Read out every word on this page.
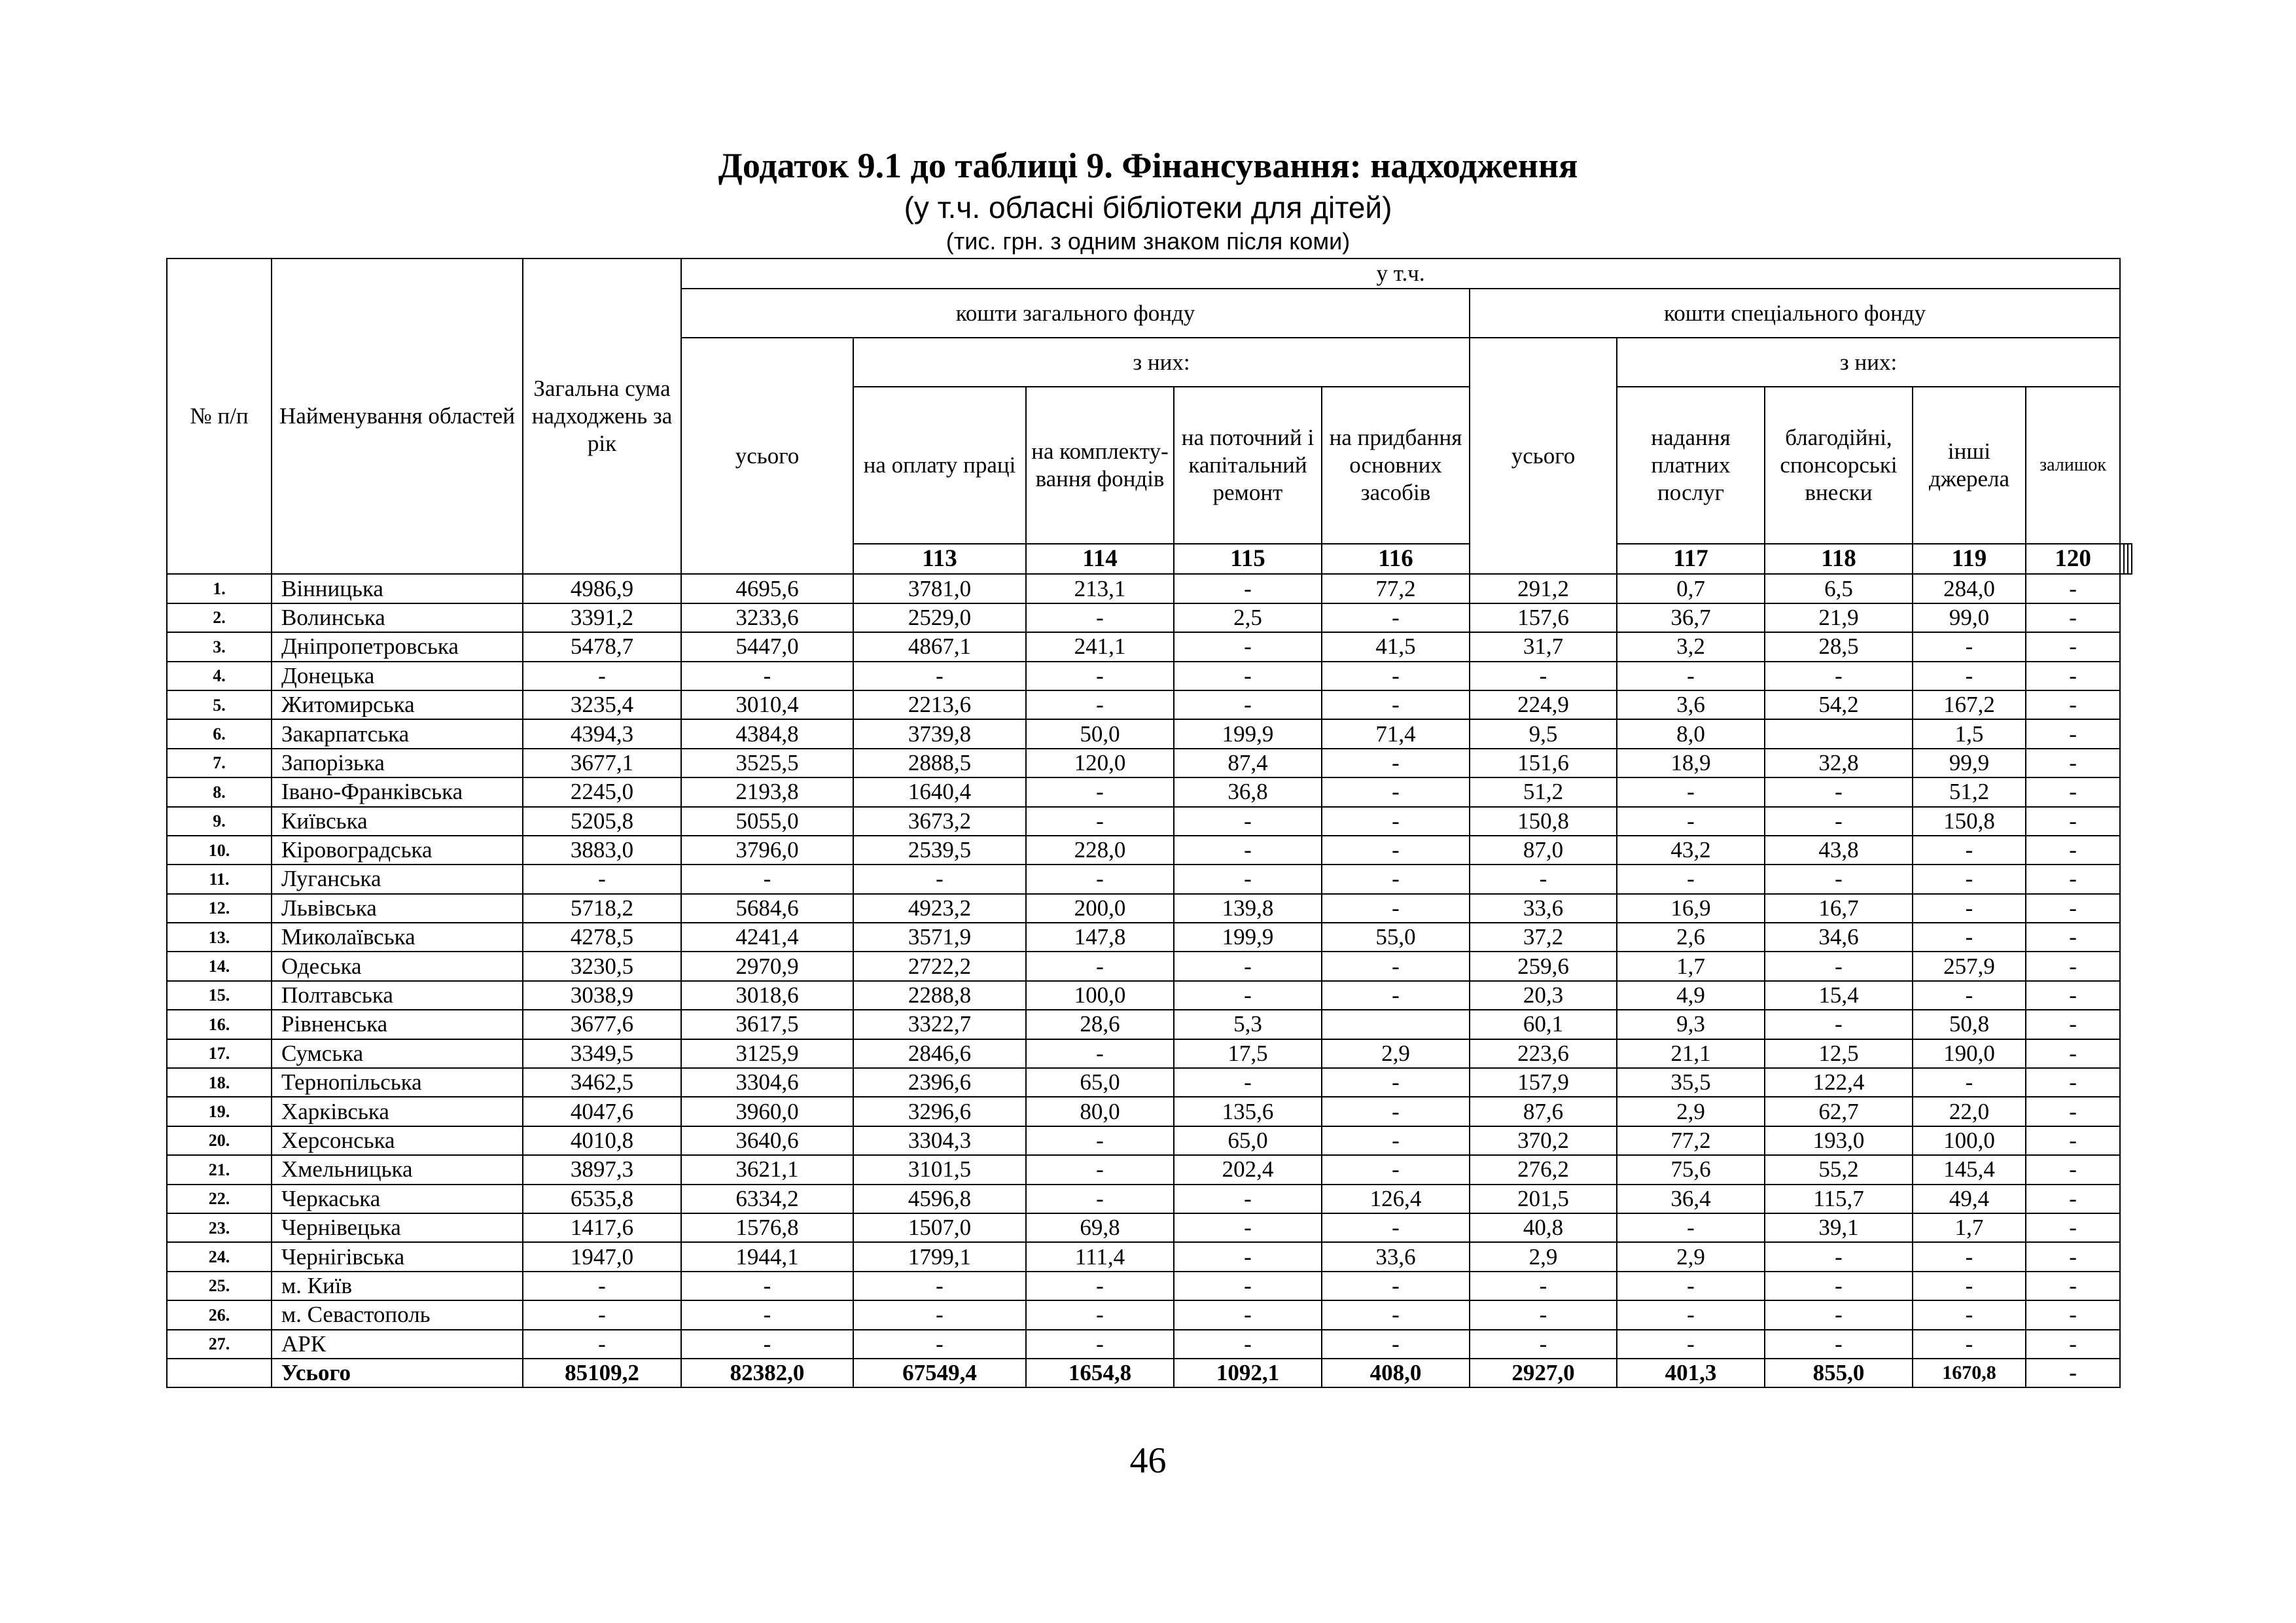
Додаток 9.1 до таблиці 9. Фінансування: надходження
(у т.ч. обласні бібліотеки для дітей)
(тис. грн. з одним знаком після коми)
№ п/п	Найменування областей	Загальна сума надходжень за рік	у т.ч.												
			кошти загального фонду					кошти спеціального фонду							
			усього	з них:				усього	з них:						
				на оплату праці	на комплекту-вання фондів	на поточний і капітальний ремонт	на придбання основних засобів		надання платних послуг	благодійні, спонсорські внески	інші джерела	залишок			
				113	114	115	116		117	118	119	120			
1.	Вінницька	4986,9	4695,6	3781,0	213,1	-	77,2	291,2	0,7	6,5	284,0	-			
2.	Волинська	3391,2	3233,6	2529,0	-	2,5	-	157,6	36,7	21,9	99,0	-			
3.	Дніпропетровська	5478,7	5447,0	4867,1	241,1	-	41,5	31,7	3,2	28,5	-	-			
4.	Донецька	-	-	-	-	-	-	-	-	-	-	-			
5.	Житомирська	3235,4	3010,4	2213,6	-	-	-	224,9	3,6	54,2	167,2	-			
6.	Закарпатська	4394,3	4384,8	3739,8	50,0	199,9	71,4	9,5	8,0		1,5	-			
7.	Запорізька	3677,1	3525,5	2888,5	120,0	87,4	-	151,6	18,9	32,8	99,9	-			
8.	Івано-Франківська	2245,0	2193,8	1640,4	-	36,8	-	51,2	-	-	51,2	-			
9.	Київська	5205,8	5055,0	3673,2	-	-	-	150,8	-	-	150,8	-			
10.	Кіровоградська	3883,0	3796,0	2539,5	228,0	-	-	87,0	43,2	43,8	-	-			
11.	Луганська	-	-	-	-	-	-	-	-	-	-	-			
12.	Львівська	5718,2	5684,6	4923,2	200,0	139,8	-	33,6	16,9	16,7	-	-			
13.	Миколаївська	4278,5	4241,4	3571,9	147,8	199,9	55,0	37,2	2,6	34,6	-	-			
14.	Одеська	3230,5	2970,9	2722,2	-	-	-	259,6	1,7	-	257,9	-			
15.	Полтавська	3038,9	3018,6	2288,8	100,0	-	-	20,3	4,9	15,4	-	-			
16.	Рівненська	3677,6	3617,5	3322,7	28,6	5,3		60,1	9,3	-	50,8	-			
17.	Сумська	3349,5	3125,9	2846,6	-	17,5	2,9	223,6	21,1	12,5	190,0	-			
18.	Тернопільська	3462,5	3304,6	2396,6	65,0	-	-	157,9	35,5	122,4	-	-			
19.	Харківська	4047,6	3960,0	3296,6	80,0	135,6	-	87,6	2,9	62,7	22,0	-			
20.	Херсонська	4010,8	3640,6	3304,3	-	65,0	-	370,2	77,2	193,0	100,0	-			
21.	Хмельницька	3897,3	3621,1	3101,5	-	202,4	-	276,2	75,6	55,2	145,4	-			
22.	Черкаська	6535,8	6334,2	4596,8	-	-	126,4	201,5	36,4	115,7	49,4	-			
23.	Чернівецька	1417,6	1576,8	1507,0	69,8	-	-	40,8	-	39,1	1,7	-			
24.	Чернігівська	1947,0	1944,1	1799,1	111,4	-	33,6	2,9	2,9	-	-	-			
25.	м. Київ	-	-	-	-	-	-	-	-	-	-	-			
26.	м. Севастополь	-	-	-	-	-	-	-	-	-	-	-			
27.	АРК	-	-	-	-	-	-	-	-	-	-	-			
	Усього	85109,2	82382,0	67549,4	1654,8	1092,1	408,0	2927,0	401,3	855,0	1670,8	-			
46
